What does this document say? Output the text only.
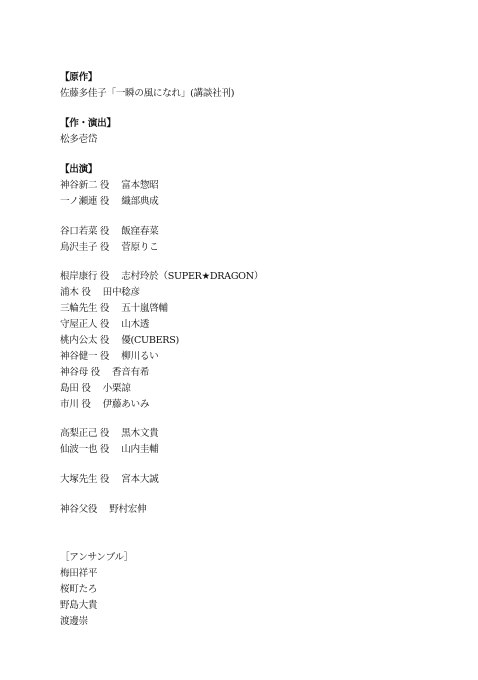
【原作】
佐藤多佳子「一瞬の風になれ」(講談社刊)
【作・演出】
松多壱岱
【出演】
神谷新二 役　 富本惣昭
一ノ瀬連 役　 織部典成
谷口若菜 役　 飯窪春菜
鳥沢圭子 役　 菅原りこ
根岸康行 役　 志村玲於（SUPER★DRAGON）
浦木 役　 田中稔彦
三輪先生 役　 五十嵐啓輔
守屋正人 役　 山木透
桃内公太 役　 優(CUBERS)
神谷健一 役　 柳川るい
神谷母 役　 香音有希
島田 役　 小栗諒
市川 役　 伊藤あいみ
高梨正己 役　 黒木文貴
仙波一也 役　 山内圭輔
大塚先生 役　 宮本大誠
神谷父役　 野村宏伸
［アンサンブル］
梅田祥平
桜町たろ
野島大貴
渡邊崇
